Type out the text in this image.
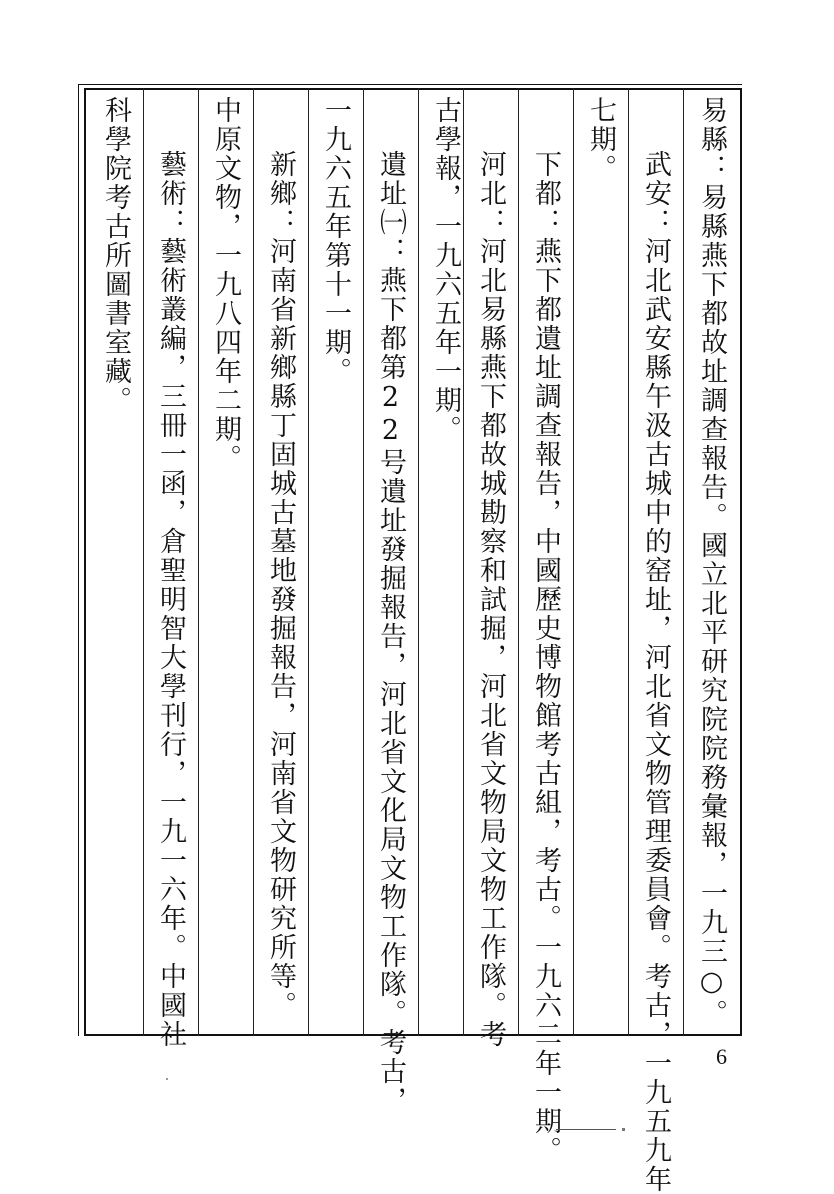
易縣：易縣燕下都故址調查報告。國立北平研究院院務彙報，一九三○。
七期。
武安：河北武安縣午汲古城中的窑址，河北省文物管理委員會。考古，一九五九年
下都：燕下都遺址調查報告，中國歷史博物館考古組，考古。一九六二年一期。
河北：河北易縣燕下都故城勘察和試掘，河北省文物局文物工作隊。考
古學報，一九六五年一期。
遺址㈠：燕下都第22号遺址發掘報告，河北省文化局文物工作隊。考古，
一九六五年第十一期。
新鄉：河南省新鄉縣丁固城古墓地發掘報告，河南省文物研究所等。
中原文物，一九八四年二期。
藝術：藝術叢編，三冊一函，倉聖明智大學刊行，一九一六年。中國社
科學院考古所圖書室藏。
6
